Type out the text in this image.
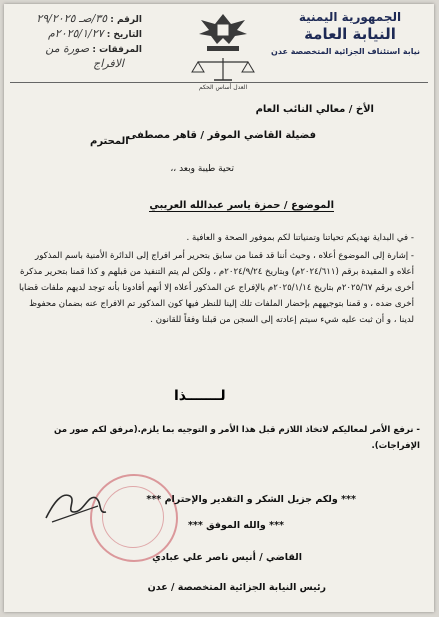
الجمهورية اليمنية
النيابة العامة
نيابة استئناف الجزائية المتخصصة عدن
العدل أساس الحكم
الرقم : ٣٥/صـ ٢٩/٢٠٢٥
التاريخ : ٢٠٢٥/١/٢٧م
المرفقات : صورة من
الافراج
الأخ / معالي النائب العام
فضيلة القاضي الموقر / قاهر مصطفى
المحترم
تحية طيبة وبعد ،،
الموضوع / حمزة ياسر عبدالله العريبي
- في البداية نهديكم تحياتنا وتمنياتنا لكم بموفور الصحة و العافية .
- إشارة إلى الموضوع أعلاه ، وحيث أننا قد قمنا من سابق بتحرير أمر افراج إلى الدائرة الأمنية باسم المذكور أعلاه و المقيدة برقم (٢٠٢٤/٦١١م) وبتاريخ ٢٠٢٤/٩/٢٤م ، ولكن لم يتم التنفيذ من قبلهم و كذا قمنا بتحرير مذكرة أخرى برقم ٢٠٢٥/٦٧م بتاريخ ٢٠٢٥/١/١٤م بالإفراج عن المذكور أعلاه إلا أنهم أفادونا بأنه توجد لديهم ملفات قضايا أخرى ضده ، و قمنا بتوجيههم بإحضار الملفات تلك إلينا للنظر فيها كون المذكور تم الافراج عنه بضمان محفوظ لدينا ، و أن ثبت عليه شيء سيتم إعادته إلى السجن من قبلنا وفقاً للقانون .
لـــــــذا
- نرفع الأمر لمعاليكم لاتخاذ اللازم قبل هذا الأمر و التوجيه بما يلزم.(مرفق لكم صور من الإفراجات).
*** ولكم جزيل الشكر و التقدير والإحترام ***
*** والله الموفق ***
القاضي / أنيس ناصر علي عبادي
رئيس النيابة الجزائية المتخصصة / عدن
